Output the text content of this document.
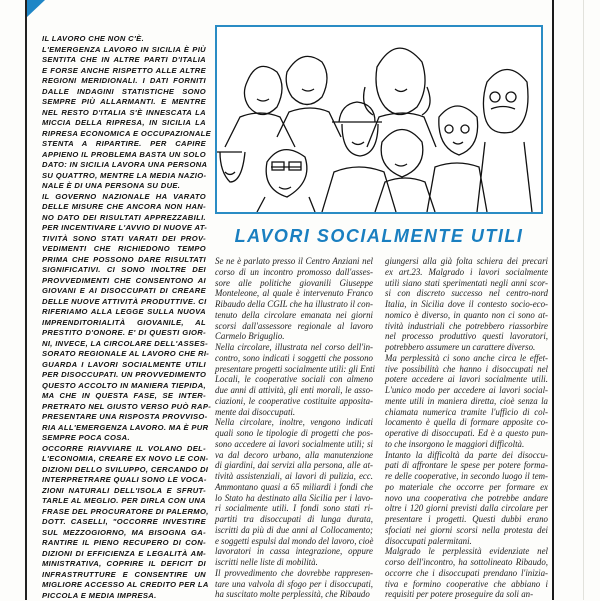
IL LAVORO CHE NON C'È.
L'EMERGENZA LAVORO IN SICILIA È PIÙ
SENTITA CHE IN ALTRE PARTI D'ITALIA
E FORSE ANCHE RISPETTO ALLE ALTRE
REGIONI MERIDIONALI. I DATI FORNITI
DALLE INDAGINI STATISTICHE SONO
SEMPRE PIÙ ALLARMANTI. E MENTRE
NEL RESTO D'ITALIA S'È INNESCATA LA
MICCIA DELLA RIPRESA, IN SICILIA LA
RIPRESA ECONOMICA E OCCUPAZIONALE
STENTA A RIPARTIRE. PER CAPIRE
APPIENO IL PROBLEMA BASTA UN SOLO
DATO: IN SICILIA LAVORA UNA PERSONA
SU QUATTRO, MENTRE LA MEDIA NAZIO-
NALE È DI UNA PERSONA SU DUE.
IL GOVERNO NAZIONALE HA VARATO
DELLE MISURE CHE ANCORA NON HAN-
NO DATO DEI RISULTATI APPREZZABILI.
PER INCENTIVARE L'AVVIO DI NUOVE AT-
TIVITÀ SONO STATI VARATI DEI PROV-
VEDIMENTI CHE RICHIEDONO TEMPO
PRIMA CHE POSSONO DARE RISULTATI
SIGNIFICATIVI. CI SONO INOLTRE DEI
PROVVEDIMENTI CHE CONSENTONO AI
GIOVANI E AI DISOCCUPATI DI CREARE
DELLE NUOVE ATTIVITÀ PRODUTTIVE. CI
RIFERIAMO ALLA LEGGE SULLA NUOVA
IMPRENDITORIALITÀ GIOVANILE, AL
PRESTITO D'ONORE. E' DI QUESTI GIOR-
NI, INVECE, LA CIRCOLARE DELL'ASSES-
SORATO REGIONALE AL LAVORO CHE RI-
GUARDA I LAVORI SOCIALMENTE UTILI
PER DISOCCUPATI. UN PROVVEDIMENTO
QUESTO ACCOLTO IN MANIERA TIEPIDA,
MA CHE IN QUESTA FASE, SE INTER-
PRETRATO NEL GIUSTO VERSO PUÒ RAP-
PRESENTARE UNA RISPOSTA PROVVISO-
RIA ALL'EMERGENZA LAVORO. MA È PUR
SEMPRE POCA COSA.
OCCORRE RIAVVIARE IL VOLANO DEL-
L'ECONOMIA, CREARE EX NOVO LE CON-
DIZIONI DELLO SVILUPPO, CERCANDO DI
INTERPRETRARE QUALI SONO LE VOCA-
ZIONI NATURALI DELL'ISOLA E SFRUT-
TARLE AL MEGLIO. PER DIRLA CON UNA
FRASE DEL PROCURATORE DI PALERMO,
DOTT. CASELLI, "OCCORRE INVESTIRE
SUL MEZZOGIORNO, MA BISOGNA GA-
RANTIRE IL PIENO RECUPERO DI CON-
DIZIONI DI EFFICIENZA E LEGALITÀ AM-
MINISTRATIVA, COPRIRE IL DEFICIT DI
INFRASTRUTTURE E CONSENTIRE UN
MIGLIORE ACCESSO AL CREDITO PER LA
PICCOLA E MEDIA IMPRESA.
LAVORI SOCIALMENTE UTILI
Se ne è parlato presso il Centro Anziani nel
corso di un incontro promosso dall'asses-
sore alle politiche giovanili Giuseppe
Monteleone, al quale è intervenuto Franco
Ribaudo della CGIL che ha illustrato il con-
tenuto della circolare emanata nei giorni
scorsi dall'assessore regionale al lavoro
Carmelo Briguglio.
Nella circolare, illustrata nel corso dell'in-
contro, sono indicati i soggetti che possono
presentare progetti socialmente utili: gli Enti
Locali, le cooperative sociali con almeno
due anni di attività, gli enti morali, le asso-
ciazioni, le cooperative costituite apposita-
mente dai disoccupati.
Nella circolare, inoltre, vengono indicati
quali sono le tipologie di progetti che pos-
sono accedere ai lavori socialmente utili; si
va dal decoro urbano, alla manutenzione
di giardini, dai servizi alla persona, alle at-
tività assistenziali, ai lavori di pulizia, ecc.
Ammontano quasi a 65 miliardi i fondi che
lo Stato ha destinato alla Sicilia per i lavo-
ri socialmente utili. I fondi sono stati ri-
partiti tra disoccupati di lunga durata,
iscritti da più di due anni al Collocamento;
e soggetti espulsi dal mondo del lavoro, cioè
lavoratori in cassa integrazione, oppure
iscritti nelle liste di mobilità.
Il provvedimento che dovrebbe rappresen-
tare una valvola di sfogo per i disoccupati,
ha suscitato molte perplessità, che Ribaudo
giungersi alla già folta schiera dei precari
ex art.23. Malgrado i lavori socialmente
utili siano stati sperimentati negli anni scor-
si con discreto successo nel centro-nord
Italia, in Sicilia dove il contesto socio-eco-
nomico è diverso, in quanto non ci sono at-
tività industriali che potrebbero riassorbire
nel processo produttivo questi lavoratori,
potrebbero assumere un carattere diverso.
Ma perplessità ci sono anche circa le effet-
tive possibilità che hanno i disoccupati nel
potere accedere ai lavori socialmente utili.
L'unico modo per accedere ai lavori social-
mente utili in maniera diretta, cioè senza la
chiamata numerica tramite l'ufficio di col-
locamento è quella di formare apposite co-
operative di disoccupati. Ed è a questo pun-
to che insorgono le maggiori difficoltà.
Intanto la difficoltà da parte dei disoccu-
pati di affrontare le spese per potere forma-
re delle cooperative, in secondo luogo il tem-
po materiale che occorre per formare ex
novo una cooperativa che potrebbe andare
oltre i 120 giorni previsti dalla circolare per
presentare i progetti. Questi dubbi erano
sfociati nei giorni scorsi nella protesta dei
disoccupati palermitani.
Malgrado le perplessità evidenziate nel
corso dell'incontro, ha sottolineato Ribaudo,
occorre che i disoccupati prendano l'inizia-
tiva e formino cooperative che abbiano i
requisiti per potere proseguire da soli an-
